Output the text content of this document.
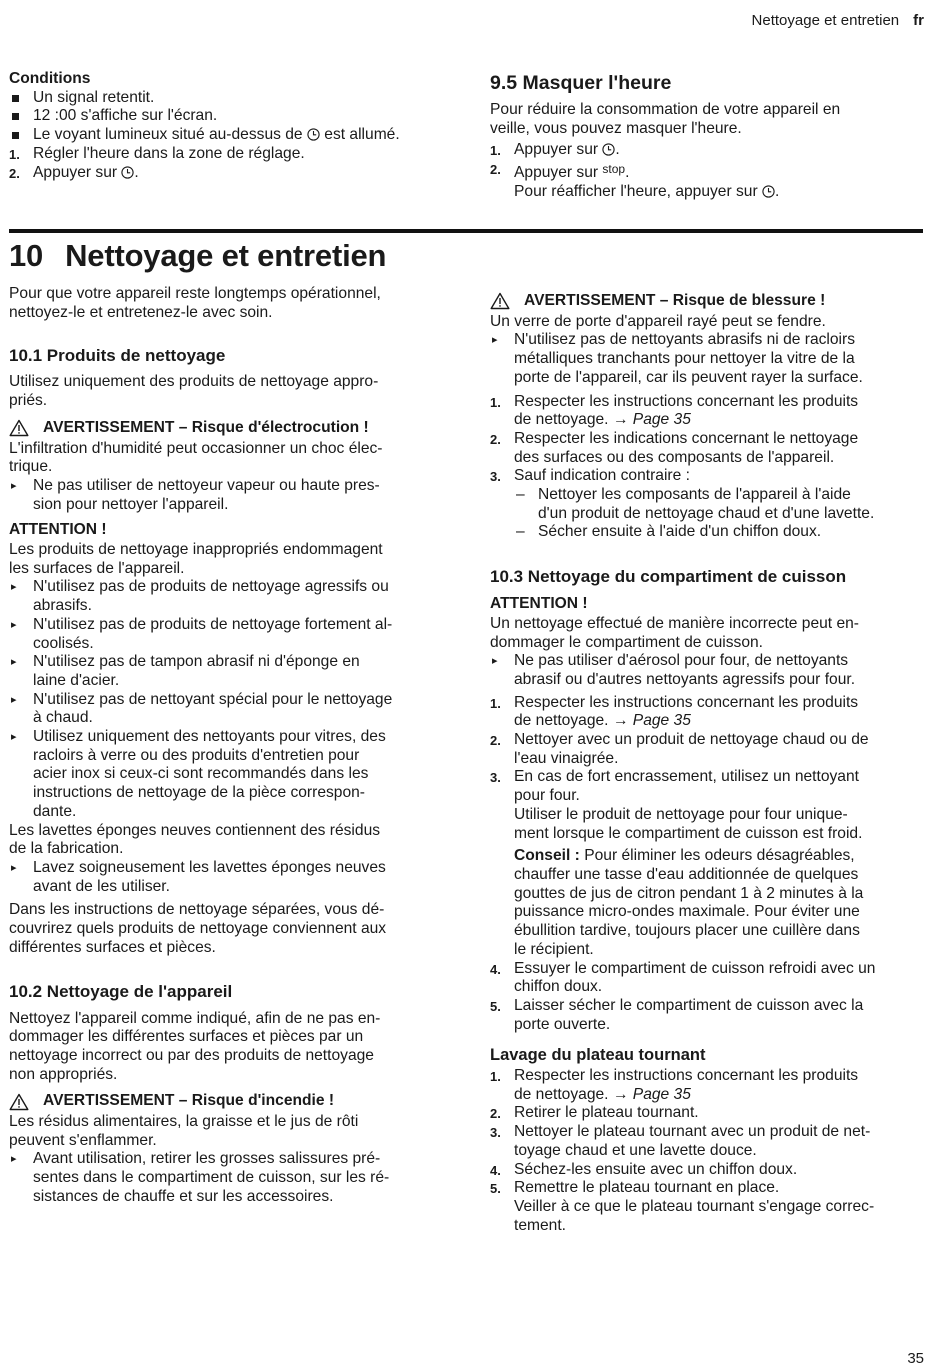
Nettoyage et entretien fr

Conditions

Un signal retentit.
12 :00 s'affiche sur l'écran.
Le voyant lumineux situé au-dessus de est allumé.
1. Régler l'heure dans la zone de réglage.
2. Appuyer sur .

9.5 Masquer l'heure

Pour réduire la consommation de votre appareil en
veille, vous pouvez masquer l'heure.

1. Appuyer sur .
2. Appuyer sur $^{stop}$.
Pour réafficher l'heure, appuyer sur .
10 Nettoyage et entretien

Pour que votre appareil reste longtemps opérationnel,
nettoyez-le et entretenez-le avec soin.

10.1 Produits de nettoyage

Utilisez uniquement des produits de nettoyage appro-
priés.

AVERTISSEMENT – Risque d'électrocution !

L'infiltration d'humidité peut occasionner un choc élec-
trique.

▸ Ne pas utiliser de nettoyeur vapeur ou haute pres-
sion pour nettoyer l'appareil.

ATTENTION !

Les produits de nettoyage inappropriés endommagent
les surfaces de l'appareil.

▸ N'utilisez pas de produits de nettoyage agressifs ou
abrasifs.
▸ N'utilisez pas de produits de nettoyage fortement al-
coolisés.
▸ N'utilisez pas de tampon abrasif ni d'éponge en
laine d'acier.
▸ N'utilisez pas de nettoyant spécial pour le nettoyage
à chaud.
▸ Utilisez uniquement des nettoyants pour vitres, des
racloirs à verre ou des produits d'entretien pour
acier inox si ceux-ci sont recommandés dans les
instructions de nettoyage de la pièce correspon-
dante.

Les lavettes éponges neuves contiennent des résidus
de la fabrication.

▸ Lavez soigneusement les lavettes éponges neuves
avant de les utiliser.

Dans les instructions de nettoyage séparées, vous dé-
couvrirez quels produits de nettoyage conviennent aux
différentes surfaces et pièces.

10.2 Nettoyage de l'appareil

Nettoyez l'appareil comme indiqué, afin de ne pas en-
dommager les différentes surfaces et pièces par un
nettoyage incorrect ou par des produits de nettoyage
non appropriés.

AVERTISSEMENT – Risque d'incendie !

Les résidus alimentaires, la graisse et le jus de rôti
peuvent s'enflammer.

▸ Avant utilisation, retirer les grosses salissures pré-
sentes dans le compartiment de cuisson, sur les ré-
sistances de chauffe et sur les accessoires.
AVERTISSEMENT – Risque de blessure !

Un verre de porte d'appareil rayé peut se fendre.

▸ N'utilisez pas de nettoyants abrasifs ni de racloirs
métalliques tranchants pour nettoyer la vitre de la
porte de l'appareil, car ils peuvent rayer la surface.
1. Respecter les instructions concernant les produits
de nettoyage. → Page 35
2. Respecter les indications concernant le nettoyage
des surfaces ou des composants de l'appareil.
3. Sauf indication contraire :
– Nettoyer les composants de l'appareil à l'aide
d'un produit de nettoyage chaud et d'une lavette.
– Sécher ensuite à l'aide d'un chiffon doux.

10.3 Nettoyage du compartiment de cuisson

ATTENTION !

Un nettoyage effectué de manière incorrecte peut en-
dommager le compartiment de cuisson.

▸ Ne pas utiliser d'aérosol pour four, de nettoyants
abrasif ou d'autres nettoyants agressifs pour four.
1. Respecter les instructions concernant les produits
de nettoyage. → Page 35
2. Nettoyer avec un produit de nettoyage chaud ou de
l'eau vinaigrée.
3. En cas de fort encrassement, utilisez un nettoyant
pour four.
Utiliser le produit de nettoyage pour four unique-
ment lorsque le compartiment de cuisson est froid.

Conseil : Pour éliminer les odeurs désagréables,
chauffer une tasse d'eau additionnée de quelques
gouttes de jus de citron pendant 1 à 2 minutes à la
puissance micro-ondes maximale. Pour éviter une
ébullition tardive, toujours placer une cuillère dans
le récipient.

4. Essuyer le compartiment de cuisson refroidi avec un
chiffon doux.
5. Laisser sécher le compartiment de cuisson avec la
porte ouverte.

Lavage du plateau tournant

1. Respecter les instructions concernant les produits
de nettoyage. → Page 35
2. Retirer le plateau tournant.
3. Nettoyer le plateau tournant avec un produit de net-
toyage chaud et une lavette douce.
4. Séchez-les ensuite avec un chiffon doux.
5. Remettre le plateau tournant en place.
Veiller à ce que le plateau tournant s'engage correc-
tement.
35
